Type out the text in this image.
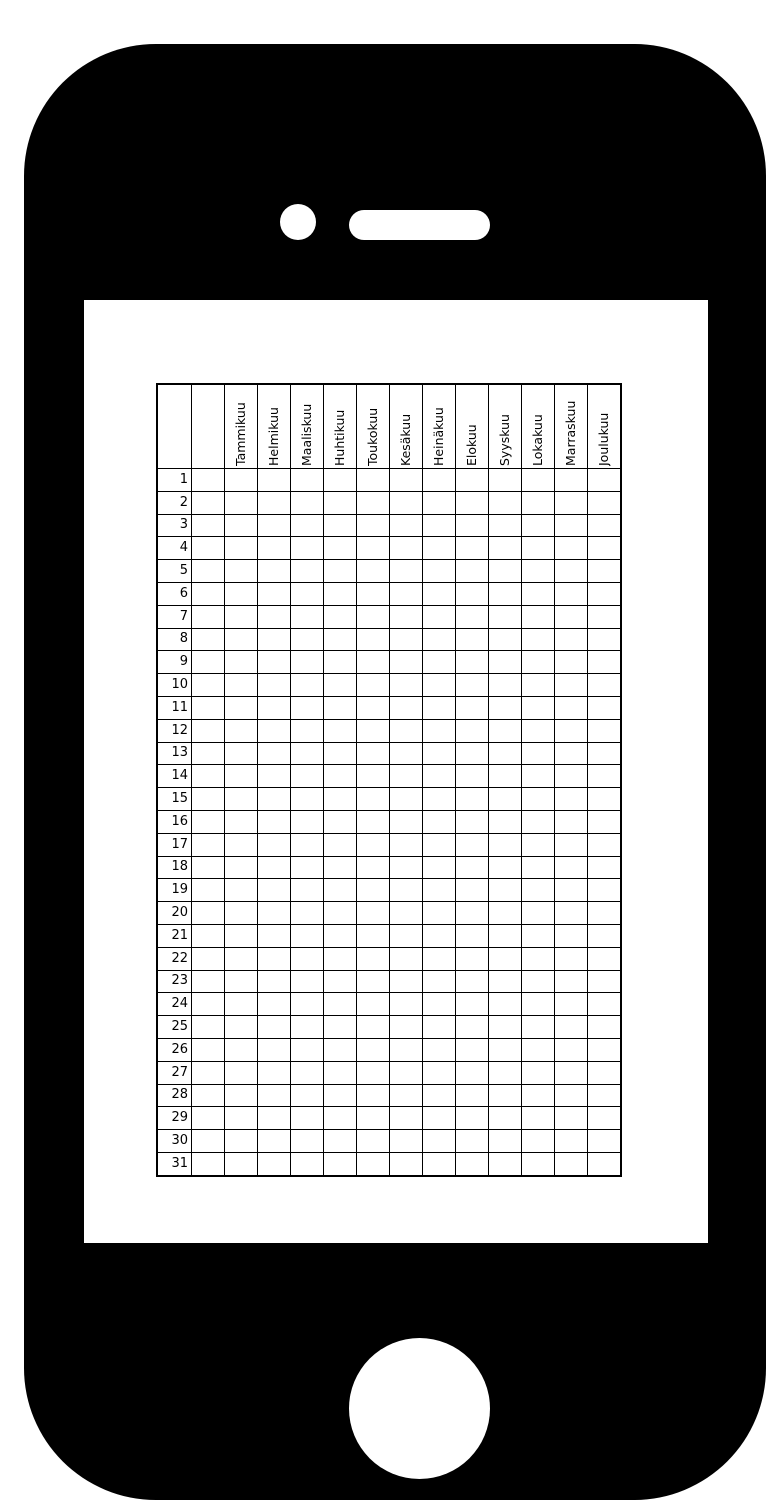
		Tammikuu	Helmikuu	Maaliskuu	Huhtikuu	Toukokuu	Kesäkuu	Heinäkuu	Elokuu	Syyskuu	Lokakuu	Marraskuu	Joulukuu

1													
2													
3													
4													
5													
6													
7													
8													
9													
10													
11													
12													
13													
14													
15													
16													
17													
18													
19													
20													
21													
22													
23													
24													
25													
26													
27													
28													
29													
30													
31													
